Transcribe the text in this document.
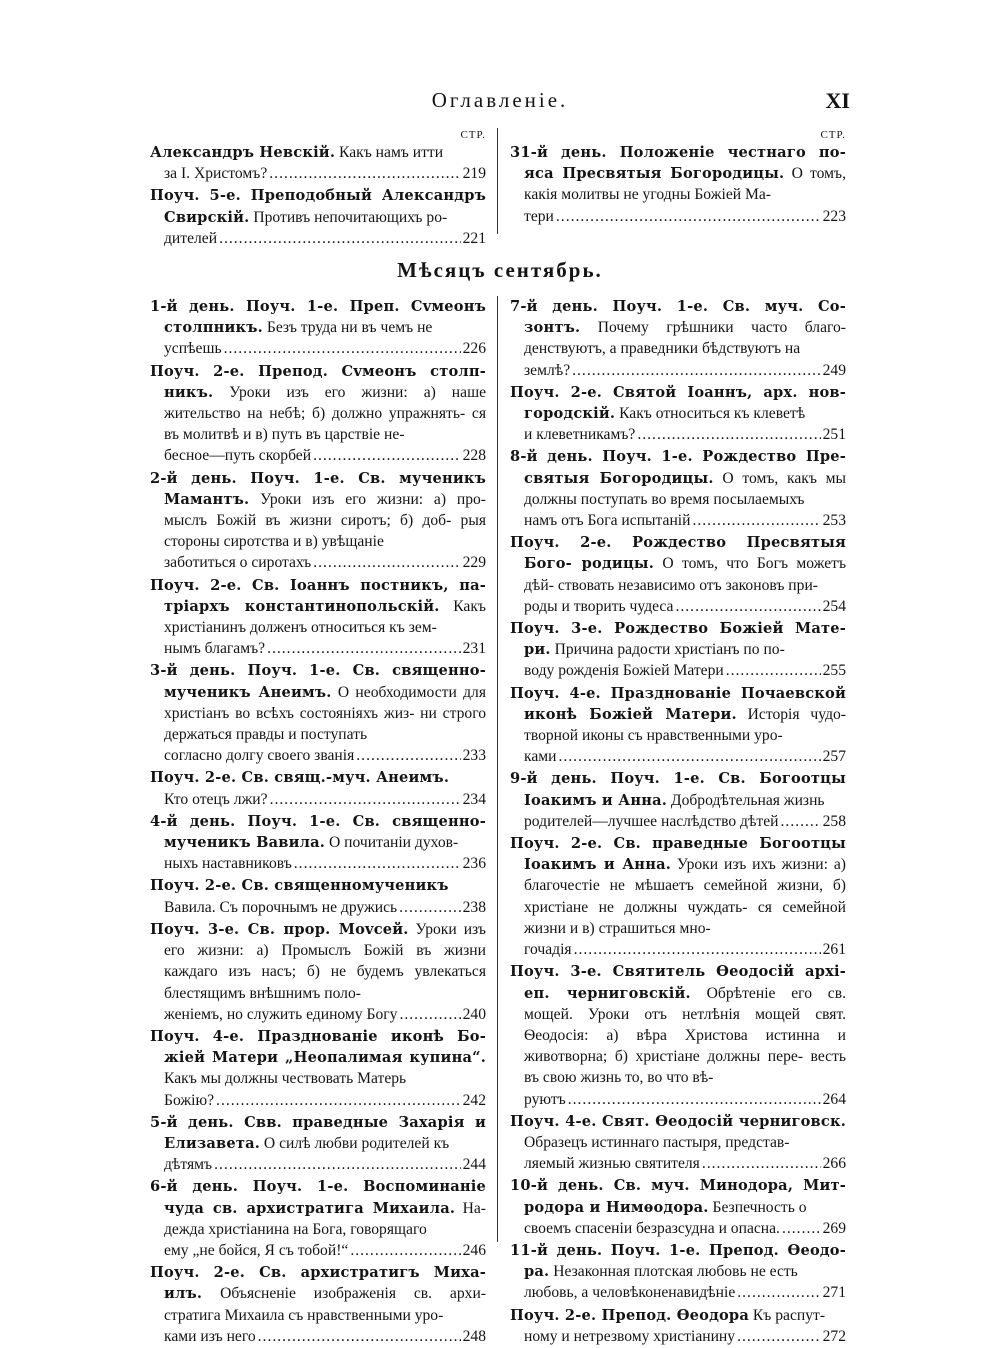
Оглавленіе.	XI
СТР.
Александръ Невскій. Какъ намъ итти
за І. Христомъ? .....	219
Поуч. 5-е. Преподобный Александръ Свирскій. Противъ непочитающихъ ро-
дителей .....	221
СТР.
31-й день. Положеніе честнаго по- яса Пресвятыя Богородицы. О томъ, какія молитвы не угодны Божіей Ма-
тери .....	223
Мѣсяцъ сентябрь.
1-й день. Поуч. 1-е. Преп. Сvмеонъ столпникъ. Безъ труда ни въ чемъ не
успѣешь .....	226
Поуч. 2-е. Препод. Сvмеонъ столп- никъ. Уроки изъ его жизни: а) наше жительство на небѣ; б) должно упражнять- ся въ молитвѣ и в) путь въ царствіе не-
бесное—путь скорбей .....	228
2-й день. Поуч. 1-е. Св. мученикъ Мамантъ. Уроки изъ его жизни: а) про- мыслъ Божій въ жизни сиротъ; б) доб- рыя стороны сиротства и в) увѣщаніе
заботиться о сиротахъ .....	229
Поуч. 2-е. Св. Іоаннъ постникъ, па- тріархъ константинопольскій. Какъ христіанинъ долженъ относиться къ зем-
нымъ благамъ? .....	231
3-й день. Поуч. 1-е. Св. священно- мученикъ Анеимъ. О необходимости для христіанъ во всѣхъ состояніяхъ жиз- ни строго держаться правды и поступать
согласно долгу своего званія .....	233
Поуч. 2-е. Св. свящ.-муч. Анеимъ.
Кто отецъ лжи? .....	234
4-й день. Поуч. 1-е. Св. священно- мученикъ Вавила. О почитаніи духов-
ныхъ наставниковъ .....	236
Поуч. 2-е. Св. священномученикъ
Вавила. Съ порочнымъ не дружись .....	238
Поуч. 3-е. Св. прор. Моvсей. Уроки изъ его жизни: а) Промыслъ Божій въ жизни каждаго изъ насъ; б) не будемъ увлекаться блестящимъ внѣшнимъ поло-
женіемъ, но служить единому Богу .....	240
Поуч. 4-е. Празднованіе иконѣ Бо- жіей Матери „Неопалимая купина“. Какъ мы должны чествовать Матерь
Божію? .....	242
5-й день. Свв. праведные Захарія и Елизавета. О силѣ любви родителей къ
дѣтямъ .....	244
6-й день. Поуч. 1-е. Воспоминаніе чуда св. архистратига Михаила. На- дежда христіанина на Бога, говорящаго
ему „не бойся, Я съ тобой!“ .....	246
Поуч. 2-е. Св. архистратигъ Миха- илъ. Объясненіе изображенія св. архи- стратига Михаила съ нравственными уро-
ками изъ него .....	248
7-й день. Поуч. 1-е. Св. муч. Со- зонтъ. Почему грѣшники часто благо- денствуютъ, а праведники бѣдствуютъ на
землѣ? .....	249
Поуч. 2-е. Святой Іоаннъ, арх. нов- городскій. Какъ относиться къ клеветѣ
и клеветникамъ? .....	251
8-й день. Поуч. 1-е. Рождество Пре- святыя Богородицы. О томъ, какъ мы должны поступать во время посылаемыхъ
намъ отъ Бога испытаній .....	253
Поуч. 2-е. Рождество Пресвятыя Бого- родицы. О томъ, что Богъ можетъ дѣй- ствовать независимо отъ законовъ при-
роды и творить чудеса .....	254
Поуч. 3-е. Рождество Божіей Мате- ри. Причина радости христіанъ по по-
воду рожденія Божіей Матери .....	255
Поуч. 4-е. Празднованіе Почаевской иконѣ Божіей Матери. Исторія чудо- творной иконы съ нравственными уро-
ками .....	257
9-й день. Поуч. 1-е. Св. Богоотцы Іоакимъ и Анна. Добродѣтельная жизнь
родителей—лучшее наслѣдство дѣтей .....	258
Поуч. 2-е. Св. праведные Богоотцы Іоакимъ и Анна. Уроки изъ ихъ жизни: а) благочестіе не мѣшаетъ семейной жизни, б) христіане не должны чуждать- ся семейной жизни и в) страшиться мно-
гочадія .....	261
Поуч. 3-е. Святитель Ѳеодосій архі- еп. черниговскій. Обрѣтеніе его св. мощей. Уроки отъ нетлѣнія мощей свят. Ѳеодосія: а) вѣра Христова истинна и животворна; б) христіане должны пере- весть въ свою жизнь то, во что вѣ-
руютъ .....	264
Поуч. 4-е. Свят. Ѳеодосій черниговск. Образецъ истиннаго пастыря, представ-
ляемый жизнью святителя .....	266
10-й день. Св. муч. Минодора, Мит- родора и Нимѳодора. Безпечность о
своемъ спасеніи безразсудна и опасна. .....	269
11-й день. Поуч. 1-е. Препод. Ѳеодо- ра. Незаконная плотская любовь не есть
любовь, а человѣконенавидѣніе .....	271
Поуч. 2-е. Препод. Ѳеодора Къ распут-
ному и нетрезвому христіанину .....	272
